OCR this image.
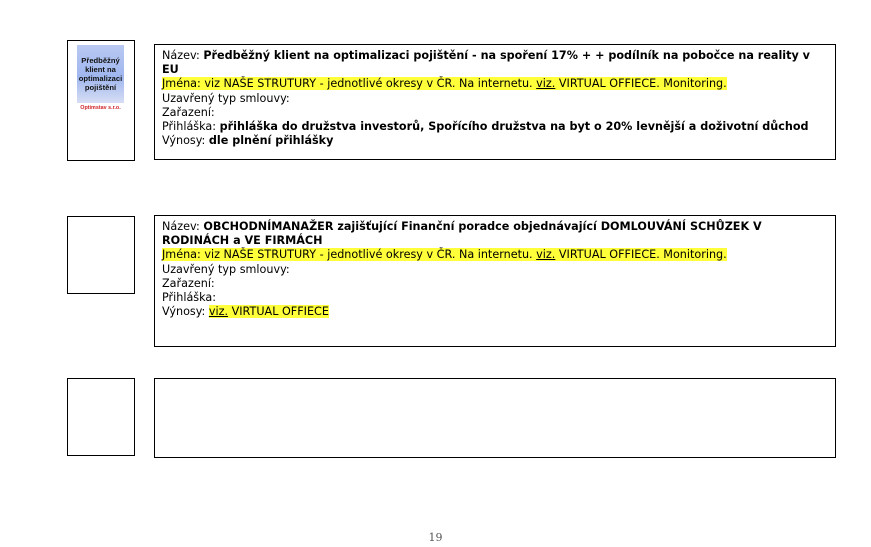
Předběžný klient na optimalizaci pojištění
Optimstav s.r.o.
Název: Předběžný klient na optimalizaci pojištění - na spoření 17% + + podílník na pobočce na reality v EU
Jména: viz NAŠE STRUTURY - jednotlivé okresy v ČR. Na internetu. viz. VIRTUAL OFFIECE. Monitoring.
Uzavřený typ smlouvy:
Zařazení:
Přihláška: přihláška do družstva investorů, Spořícího družstva na byt o 20% levnější a doživotní důchod
Výnosy: dle plnění přihlášky
Název: OBCHODNÍMANAŽER zajišťující Finanční poradce objednávající DOMLOUVÁNÍ SCHŮZEK V RODINÁCH a VE FIRMÁCH
Jména: viz NAŠE STRUTURY - jednotlivé okresy v ČR. Na internetu. viz. VIRTUAL OFFIECE. Monitoring.
Uzavřený typ smlouvy:
Zařazení:
Přihláška:
Výnosy: viz. VIRTUAL OFFIECE
19
